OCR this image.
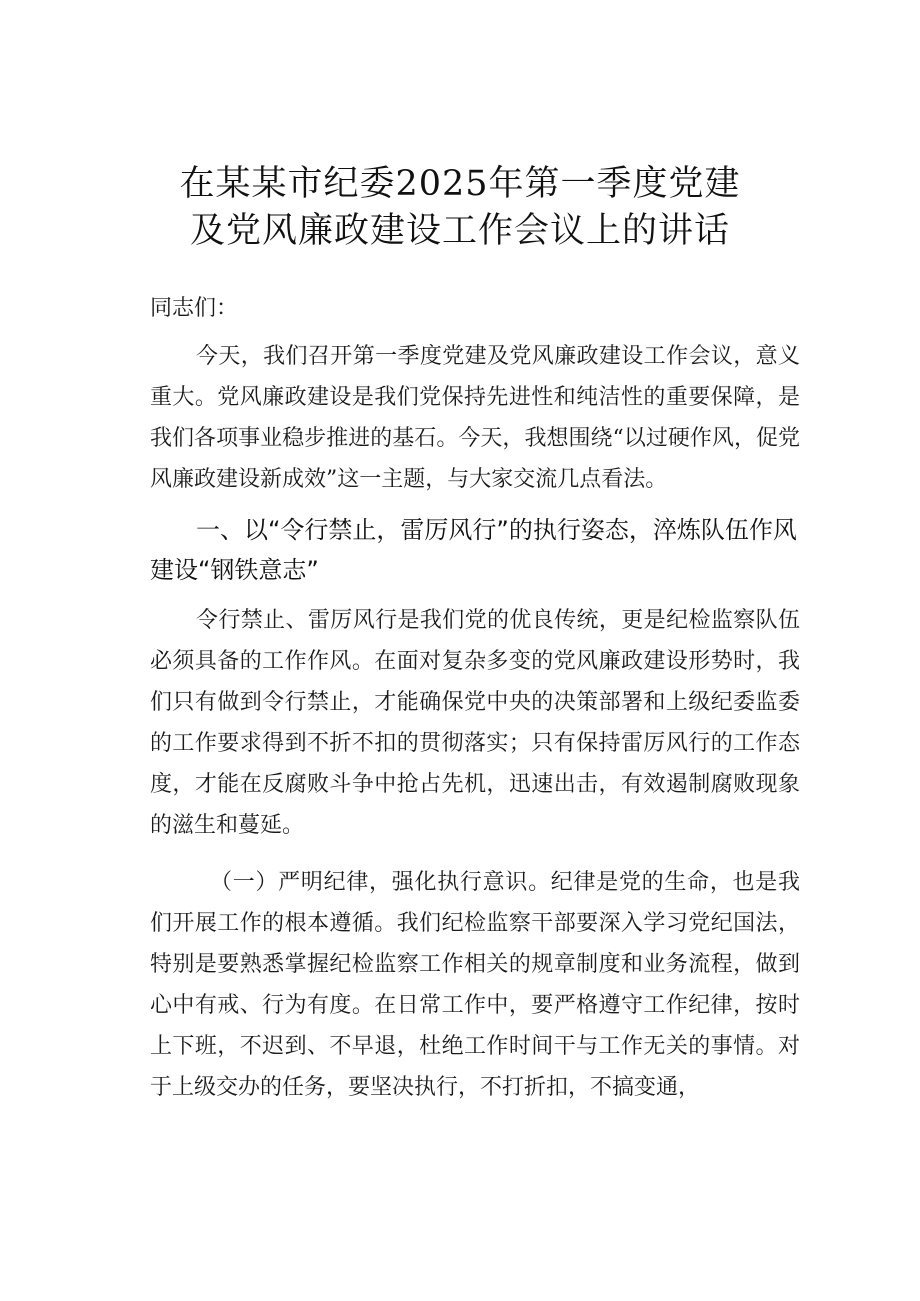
在某某市纪委2025年第一季度党建
及党风廉政建设工作会议上的讲话
同志们：

今天，我们召开第一季度党建及党风廉政建设工作会议，意义重大。党风廉政建设是我们党保持先进性和纯洁性的重要保障，是我们各项事业稳步推进的基石。今天，我想围绕“以过硬作风，促党风廉政建设新成效”这一主题，与大家交流几点看法。

一、以“令行禁止，雷厉风行”的执行姿态，淬炼队伍作风建设“钢铁意志”

令行禁止、雷厉风行是我们党的优良传统，更是纪检监察队伍必须具备的工作作风。在面对复杂多变的党风廉政建设形势时，我们只有做到令行禁止，才能确保党中央的决策部署和上级纪委监委的工作要求得到不折不扣的贯彻落实；只有保持雷厉风行的工作态度，才能在反腐败斗争中抢占先机，迅速出击，有效遏制腐败现象的滋生和蔓延。

（一）严明纪律，强化执行意识。纪律是党的生命，也是我们开展工作的根本遵循。我们纪检监察干部要深入学习党纪国法，特别是要熟悉掌握纪检监察工作相关的规章制度和业务流程，做到心中有戒、行为有度。在日常工作中，要严格遵守工作纪律，按时上下班，不迟到、不早退，杜绝工作时间干与工作无关的事情。对于上级交办的任务，要坚决执行，不打折扣，不搞变通，
